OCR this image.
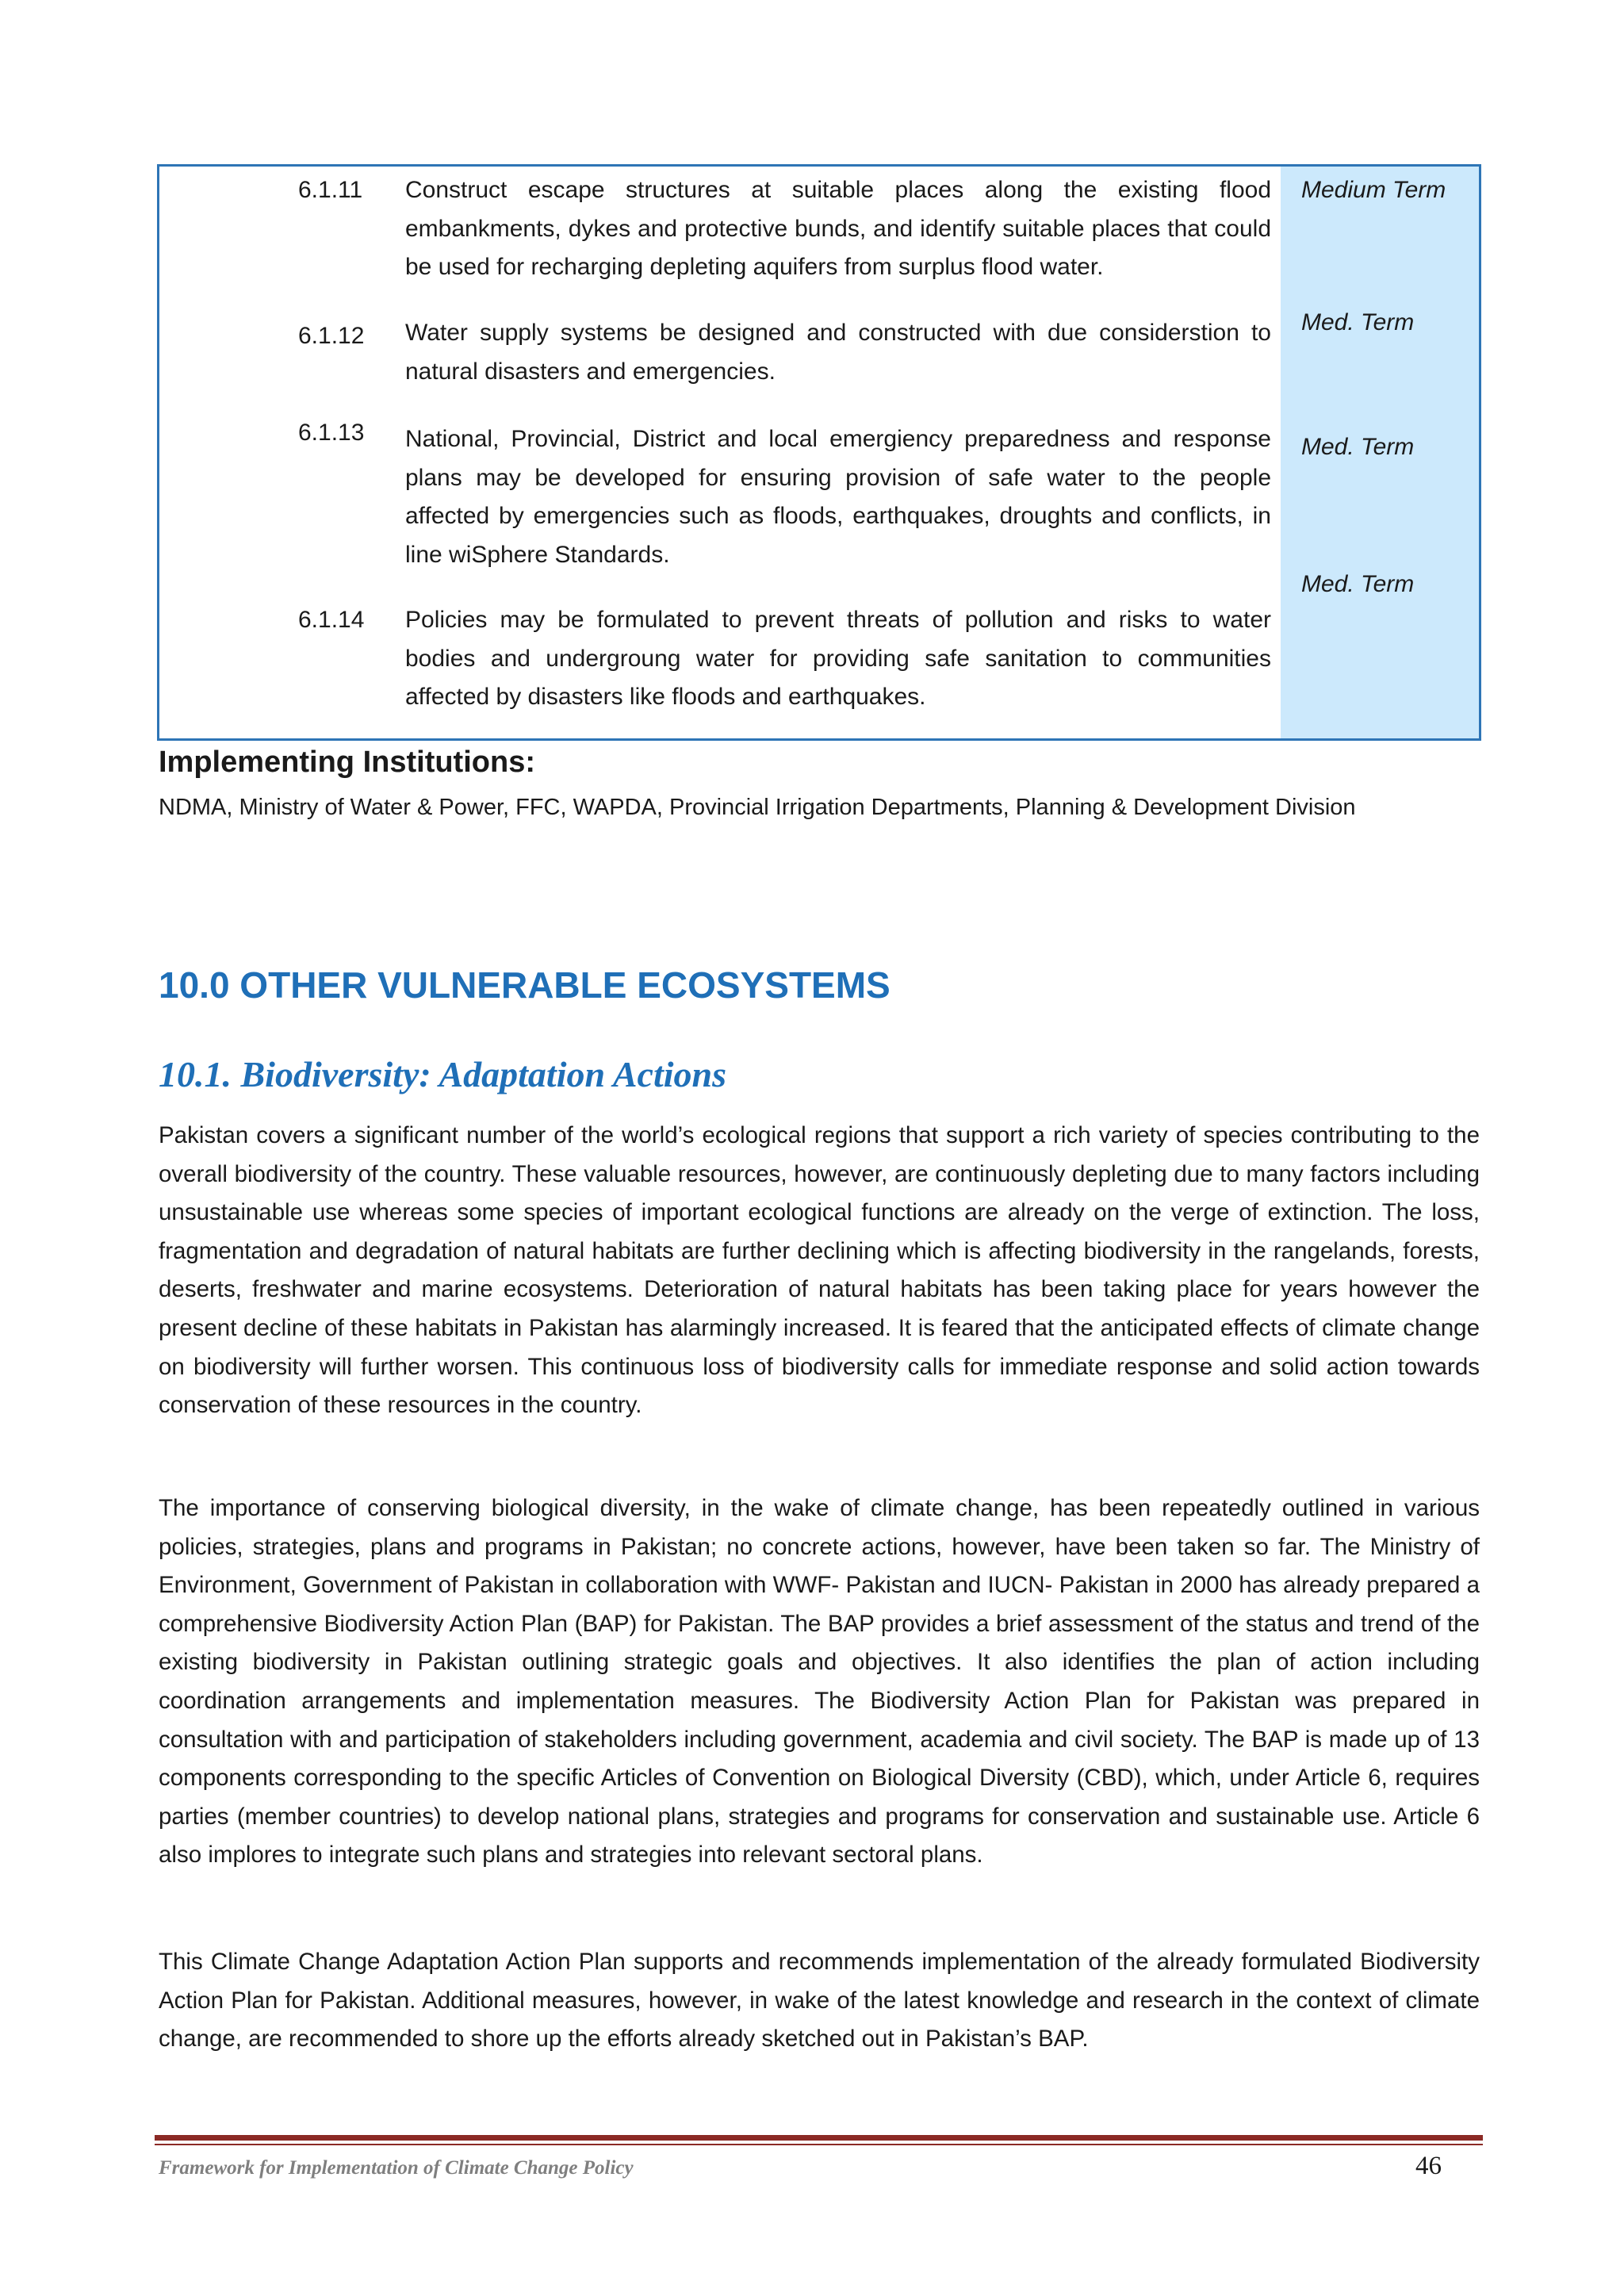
6.1.11	Construct escape structures at suitable places along the existing flood embankments, dykes and protective bunds, and identify suitable places that could be used for recharging depleting aquifers from surplus flood water.
Medium Term
6.1.12	Water supply systems be designed and constructed with due considerstion to natural disasters and emergencies.
Med. Term
6.1.13	National, Provincial, District and local emergiency preparedness and response plans may be developed for ensuring provision of safe water to the people affected by emergencies such as floods, earthquakes, droughts and conflicts, in line wiSphere Standards.
Med. Term
6.1.14	Policies may be formulated to prevent threats of pollution and risks to water bodies and undergroung water for providing safe sanitation to communities affected by disasters like floods and earthquakes.
Med. Term
Implementing Institutions:
NDMA, Ministry of Water & Power, FFC, WAPDA, Provincial Irrigation Departments, Planning & Development Division
10.0 OTHER VULNERABLE ECOSYSTEMS
10.1. Biodiversity: Adaptation Actions
Pakistan covers a significant number of the world’s ecological regions that support a rich variety of species contributing to the overall biodiversity of the country. These valuable resources, however, are continuously depleting due to many factors including unsustainable use whereas some species of important ecological functions are already on the verge of extinction. The loss, fragmentation and degradation of natural habitats are further declining which is affecting biodiversity in the rangelands, forests, deserts, freshwater and marine ecosystems. Deterioration of natural habitats has been taking place for years however the present decline of these habitats in Pakistan has alarmingly increased. It is feared that the anticipated effects of climate change on biodiversity will further worsen. This continuous loss of biodiversity calls for immediate response and solid action towards conservation of these resources in the country.
The importance of conserving biological diversity, in the wake of climate change, has been repeatedly outlined in various policies, strategies, plans and programs in Pakistan; no concrete actions, however, have been taken so far. The Ministry of Environment, Government of Pakistan in collaboration with WWF- Pakistan and IUCN- Pakistan in 2000 has already prepared a comprehensive Biodiversity Action Plan (BAP) for Pakistan. The BAP provides a brief assessment of the status and trend of the existing biodiversity in Pakistan outlining strategic goals and objectives. It also identifies the plan of action including coordination arrangements and implementation measures. The Biodiversity Action Plan for Pakistan was prepared in consultation with and participation of stakeholders including government, academia and civil society. The BAP is made up of 13 components corresponding to the specific Articles of Convention on Biological Diversity (CBD), which, under Article 6, requires parties (member countries) to develop national plans, strategies and programs for conservation and sustainable use. Article 6 also implores to integrate such plans and strategies into relevant sectoral plans.
This Climate Change Adaptation Action Plan supports and recommends implementation of the already formulated Biodiversity Action Plan for Pakistan. Additional measures, however, in wake of the latest knowledge and research in the context of climate change, are recommended to shore up the efforts already sketched out in Pakistan’s BAP.
Framework for Implementation of Climate Change Policy	46
